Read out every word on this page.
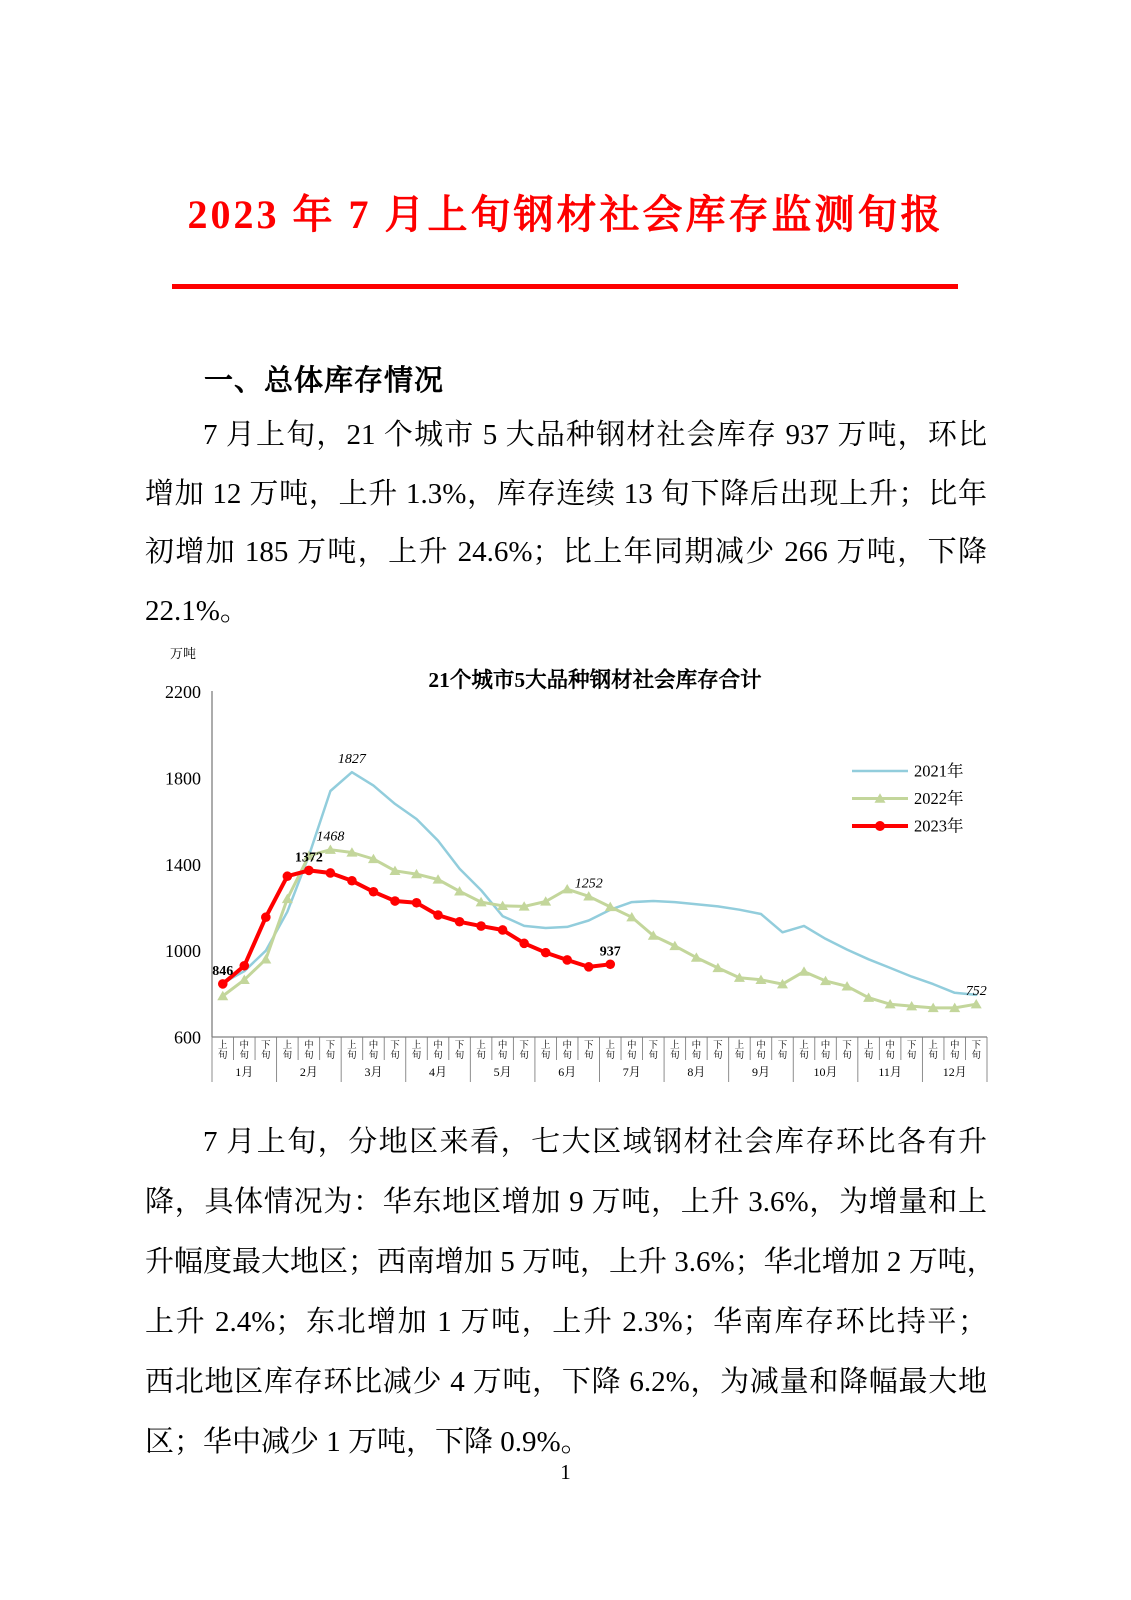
2023 年 7 月上旬钢材社会库存监测旬报
一、总体库存情况
7 月上旬，21 个城市 5 大品种钢材社会库存 937 万吨，环比
增加 12 万吨，上升 1.3%，库存连续 13 旬下降后出现上升；比年
初增加 185 万吨，上升 24.6%；比上年同期减少 266 万吨，下降
22.1%。
2200
1800
1400
1000
600
万吨
21个城市5大品种钢材社会库存合计
上旬
中旬
下旬
上旬
中旬
下旬
上旬
中旬
下旬
上旬
中旬
下旬
上旬
中旬
下旬
上旬
中旬
下旬
上旬
中旬
下旬
上旬
中旬
下旬
上旬
中旬
下旬
上旬
中旬
下旬
上旬
中旬
下旬
上旬
中旬
下旬
1月	2月	3月	4月	5月	6月	7月	8月	9月	10月	11月	12月
1827
1468
1252
752
846
1372
937
2021年
2022年
2023年
7 月上旬，分地区来看，七大区域钢材社会库存环比各有升
降，具体情况为：华东地区增加 9 万吨，上升 3.6%，为增量和上
升幅度最大地区；西南增加 5 万吨，上升 3.6%；华北增加 2 万吨，
上升 2.4%；东北增加 1 万吨，上升 2.3%；华南库存环比持平；
西北地区库存环比减少 4 万吨，下降 6.2%，为减量和降幅最大地
区；华中减少 1 万吨，下降 0.9%。
1
